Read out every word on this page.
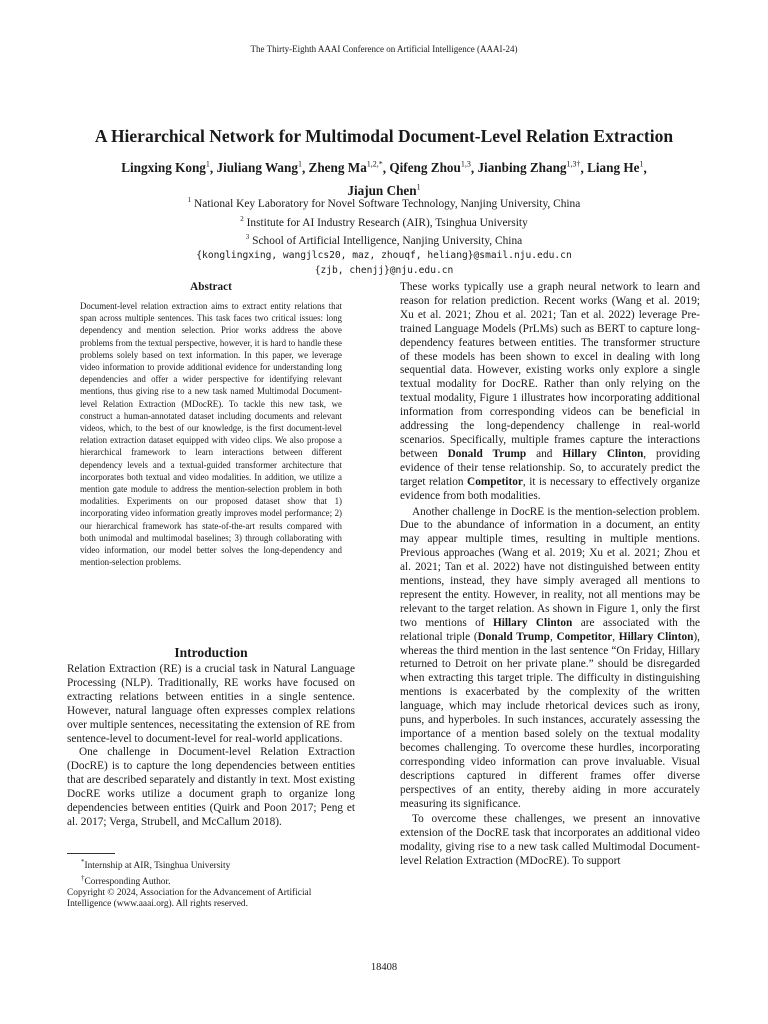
The Thirty-Eighth AAAI Conference on Artificial Intelligence (AAAI-24)
A Hierarchical Network for Multimodal Document-Level Relation Extraction
Lingxing Kong$^1$, Jiuliang Wang$^1$, Zheng $Ma^{1,2,*}$, Qifeng Zhou$^{1,3}$, Jianbing Zhang$^{1,3\dagger}$, Liang He$^1$,
Jiajun Chen$^1$
$^1$ National Key Laboratory for Novel Software Technology, Nanjing University, China
$^2$ Institute for AI Industry Research (AIR), Tsinghua University
$^3$ School of Artificial Intelligence, Nanjing University, China
{konglingxing, wangjlcs20, maz, zhouqf, heliang}@smail.nju.edu.cn
{zjb, chenjj}@nju.edu.cn
Abstract
Document-level relation extraction aims to extract entity relations that span across multiple sentences. This task faces two critical issues: long dependency and mention selection. Prior works address the above problems from the textual perspective, however, it is hard to handle these problems solely based on text information. In this paper, we leverage video information to provide additional evidence for understanding long dependencies and offer a wider perspective for identifying relevant mentions, thus giving rise to a new task named Multimodal Document-level Relation Extraction (MDocRE). To tackle this new task, we construct a human-annotated dataset including documents and relevant videos, which, to the best of our knowledge, is the first document-level relation extraction dataset equipped with video clips. We also propose a hierarchical framework to learn interactions between different dependency levels and a textual-guided transformer architecture that incorporates both textual and video modalities. In addition, we utilize a mention gate module to address the mention-selection problem in both modalities. Experiments on our proposed dataset show that 1) incorporating video information greatly improves model performance; 2) our hierarchical framework has state-of-the-art results compared with both unimodal and multimodal baselines; 3) through collaborating with video information, our model better solves the long-dependency and mention-selection problems.
Introduction

Relation Extraction (RE) is a crucial task in Natural Language Processing (NLP). Traditionally, RE works have focused on extracting relations between entities in a single sentence. However, natural language often expresses complex relations over multiple sentences, necessitating the extension of RE from sentence-level to document-level for real-world applications.

One challenge in Document-level Relation Extraction (DocRE) is to capture the long dependencies between entities that are described separately and distantly in text. Most existing DocRE works utilize a document graph to organize long dependencies between entities (Quirk and Poon 2017; Peng et al. 2017; Verga, Strubell, and McCallum 2018).

These works typically use a graph neural network to learn and reason for relation prediction. Recent works (Wang et al. 2019; Xu et al. 2021; Zhou et al. 2021; Tan et al. 2022) leverage Pre-trained Language Models (PrLMs) such as BERT to capture long-dependency features between entities. The transformer structure of these models has been shown to excel in dealing with long sequential data. However, existing works only explore a single textual modality for DocRE. Rather than only relying on the textual modality, Figure 1 illustrates how incorporating additional information from corresponding videos can be beneficial in addressing the long-dependency challenge in real-world scenarios. Specifically, multiple frames capture the interactions between Donald Trump and Hillary Clinton, providing evidence of their tense relationship. So, to accurately predict the target relation Competitor, it is necessary to effectively organize evidence from both modalities.

Another challenge in DocRE is the mention-selection problem. Due to the abundance of information in a document, an entity may appear multiple times, resulting in multiple mentions. Previous approaches (Wang et al. 2019; Xu et al. 2021; Zhou et al. 2021; Tan et al. 2022) have not distinguished between entity mentions, instead, they have simply averaged all mentions to represent the entity. However, in reality, not all mentions may be relevant to the target relation. As shown in Figure 1, only the first two mentions of Hillary Clinton are associated with the relational triple (Donald Trump, Competitor, Hillary Clinton), whereas the third mention in the last sentence “On Friday, Hillary returned to Detroit on her private plane.” should be disregarded when extracting this target triple. The difficulty in distinguishing mentions is exacerbated by the complexity of the written language, which may include rhetorical devices such as irony, puns, and hyperboles. In such instances, accurately assessing the importance of a mention based solely on the textual modality becomes challenging. To overcome these hurdles, incorporating corresponding video information can prove invaluable. Visual descriptions captured in different frames offer diverse perspectives of an entity, thereby aiding in more accurately measuring its significance.

To overcome these challenges, we present an innovative extension of the DocRE task that incorporates an additional video modality, giving rise to a new task called Multimodal Document-level Relation Extraction (MDocRE). To support

*Internship at AIR, Tsinghua University
†Corresponding Author.
Copyright © 2024, Association for the Advancement of Artificial Intelligence (www.aaai.org). All rights reserved.
18408
